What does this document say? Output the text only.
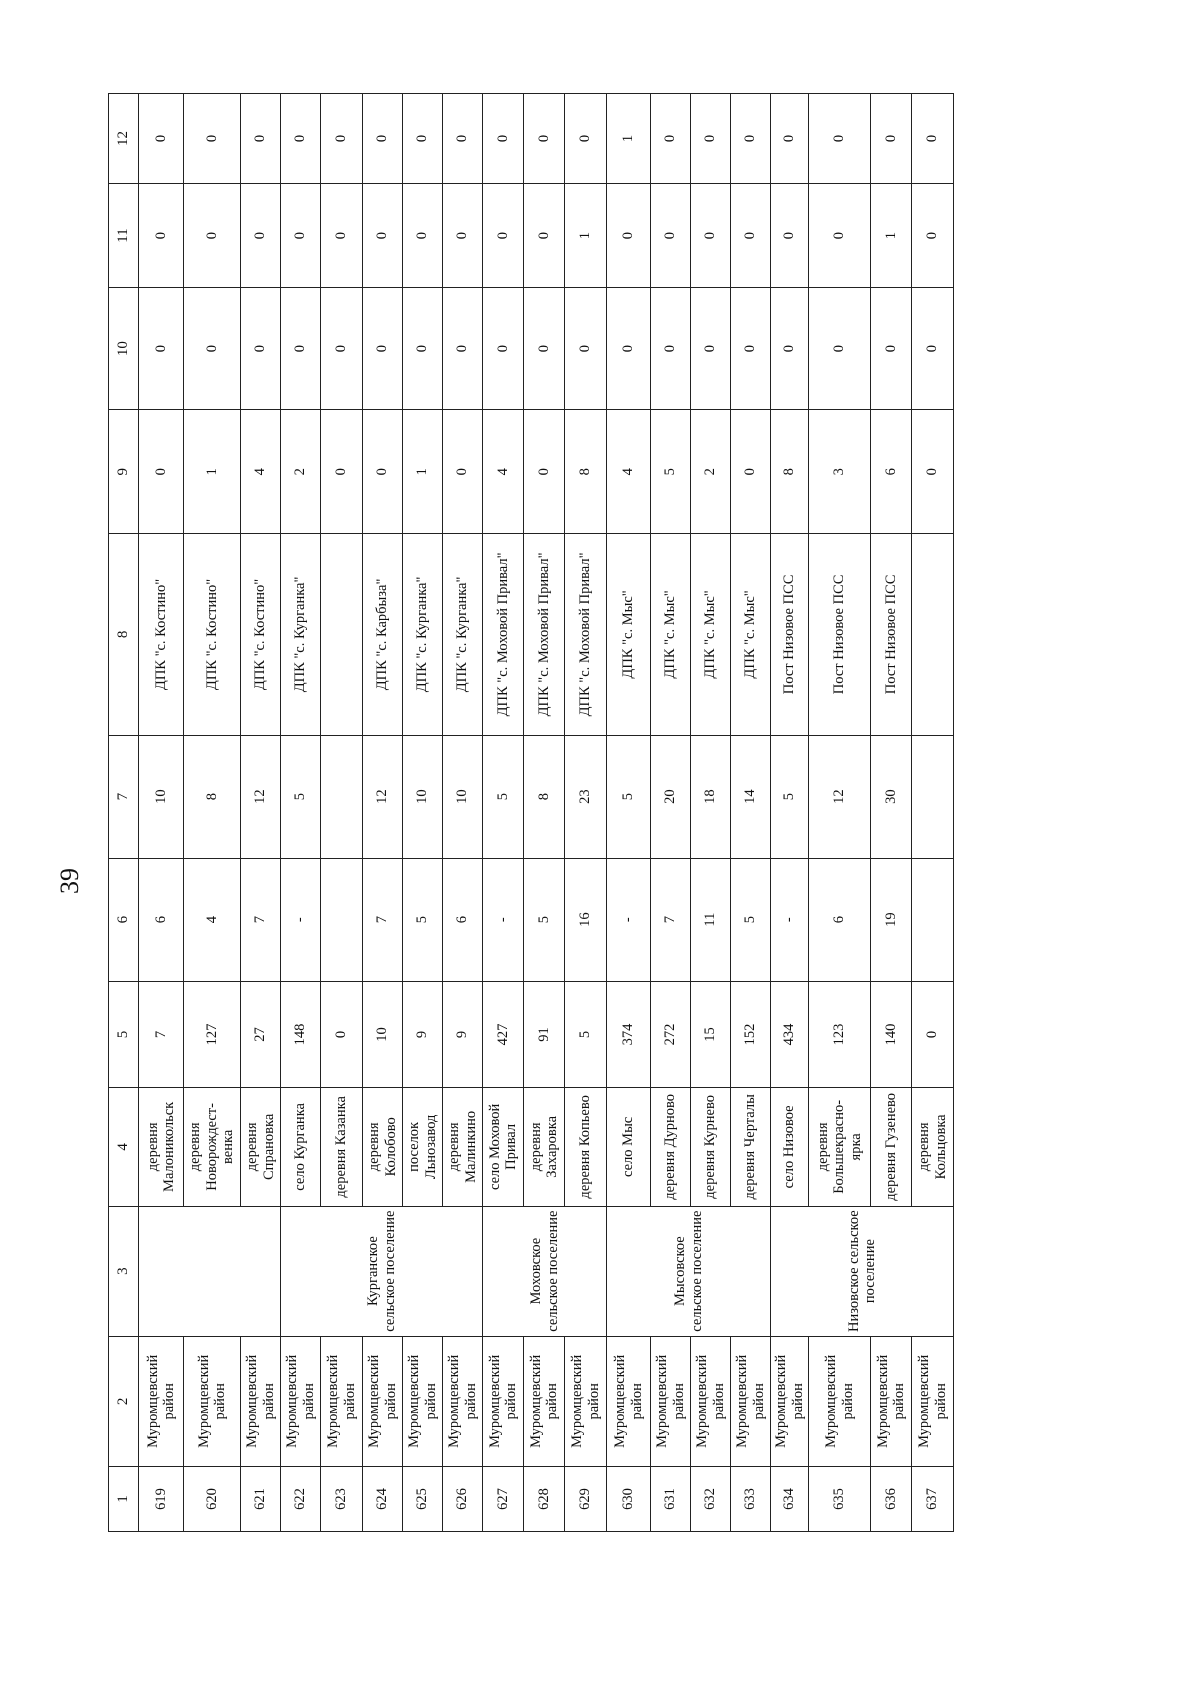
39
1	2	3	4	5	6	7	8	9	10	11	12
619	Муромцевский район		деревня Малоникольск	7	6	10	ДПК "с. Костино"	0	0	0	0
620	Муромцевский район		деревня Новорождест-венка	127	4	8	ДПК "с. Костино"	1	0	0	0
621	Муромцевский район		деревня Спрановка	27	7	12	ДПК "с. Костино"	4	0	0	0
622	Муромцевский район	Курганское сельское поселение	село Курганка	148	-	5	ДПК "с. Курганка"	2	0	0	0
623	Муромцевский район		деревня Казанка	0				0	0	0	0
624	Муромцевский район		деревня Колобово	10	7	12	ДПК "с. Карбыза"	0	0	0	0
625	Муромцевский район		поселок Льнозавод	9	5	10	ДПК "с. Курганка"	1	0	0	0
626	Муромцевский район		деревня Малинкино	9	6	10	ДПК "с. Курганка"	0	0	0	0
627	Муромцевский район	Моховское сельское поселение	село Моховой Привал	427	-	5	ДПК "с. Моховой Привал"	4	0	0	0
628	Муромцевский район		деревня Захаровка	91	5	8	ДПК "с. Моховой Привал"	0	0	0	0
629	Муромцевский район		деревня Копьево	5	16	23	ДПК "с. Моховой Привал"	8	0	1	0
630	Муромцевский район	Мысовское сельское поселение	село Мыс	374	-	5	ДПК "с. Мыс"	4	0	0	1
631	Муромцевский район		деревня Дурново	272	7	20	ДПК "с. Мыс"	5	0	0	0
632	Муромцевский район		деревня Курнево	15	11	18	ДПК "с. Мыс"	2	0	0	0
633	Муромцевский район		деревня Черталы	152	5	14	ДПК "с. Мыс"	0	0	0	0
634	Муромцевский район	Низовское сельское поселение	село Низовое	434	-	5	Пост Низовое ПСС	8	0	0	0
635	Муромцевский район		деревня Большекрасно-ярка	123	6	12	Пост Низовое ПСС	3	0	0	0
636	Муромцевский район		деревня Гузенево	140	19	30	Пост Низовое ПСС	6	0	1	0
637	Муромцевский район		деревня Кольцовка	0				0	0	0	0
